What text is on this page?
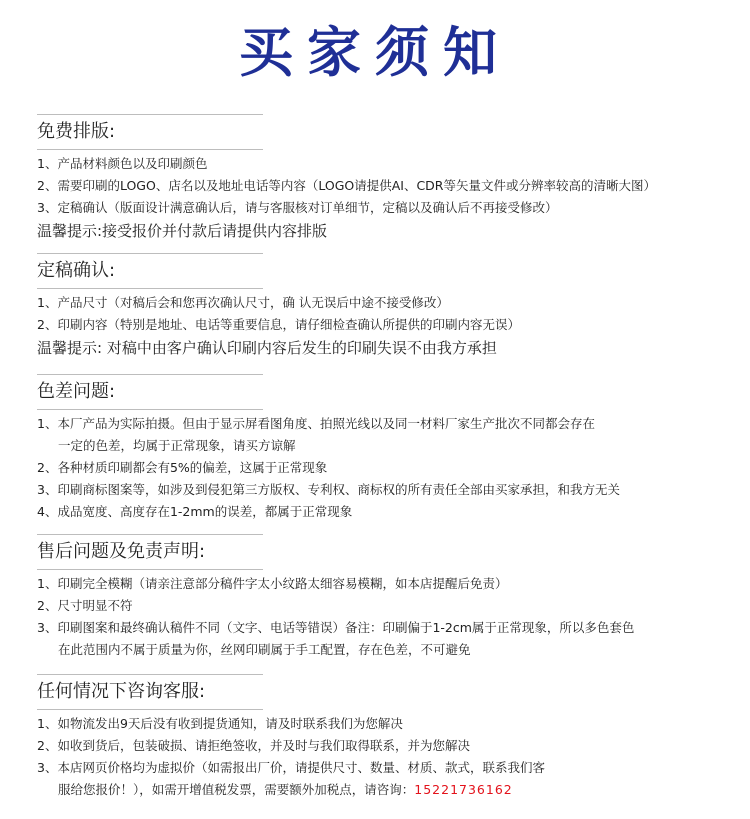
买家须知
免费排版:
1、产品材料颜色以及印刷颜色
2、需要印刷的LOGO、店名以及地址电话等内容（LOGO请提供AI、CDR等矢量文件或分辨率较高的清晰大图）
3、定稿确认（版面设计满意确认后，请与客服核对订单细节，定稿以及确认后不再接受修改）
温馨提示:接受报价并付款后请提供内容排版
定稿确认:
1、产品尺寸（对稿后会和您再次确认尺寸，确 认无误后中途不接受修改）
2、印刷内容（特别是地址、电话等重要信息，请仔细检查确认所提供的印刷内容无误）
温馨提示: 对稿中由客户确认印刷内容后发生的印刷失误不由我方承担
色差问题:
1、本厂产品为实际拍摄。但由于显示屏看图角度、拍照光线以及同一材料厂家生产批次不同都会存在
一定的色差，均属于正常现象，请买方谅解
2、各种材质印刷都会有5%的偏差，这属于正常现象
3、印刷商标图案等，如涉及到侵犯第三方版权、专利权、商标权的所有责任全部由买家承担，和我方无关
4、成品宽度、高度存在1-2mm的误差，都属于正常现象
售后问题及免责声明:
1、印刷完全模糊（请亲注意部分稿件字太小纹路太细容易模糊，如本店提醒后免责）
2、尺寸明显不符
3、印刷图案和最终确认稿件不同（文字、电话等错误）备注：印刷偏于1-2cm属于正常现象，所以多色套色
在此范围内不属于质量为你，丝网印刷属于手工配置，存在色差，不可避免
任何情况下咨询客服:
1、如物流发出9天后没有收到提货通知，请及时联系我们为您解决
2、如收到货后，包装破损、请拒绝签收，并及时与我们取得联系，并为您解决
3、本店网页价格均为虚拟价（如需报出厂价，请提供尺寸、数量、材质、款式，联系我们客
服给您报价！），如需开增值税发票，需要额外加税点，请咨询：15221736162
